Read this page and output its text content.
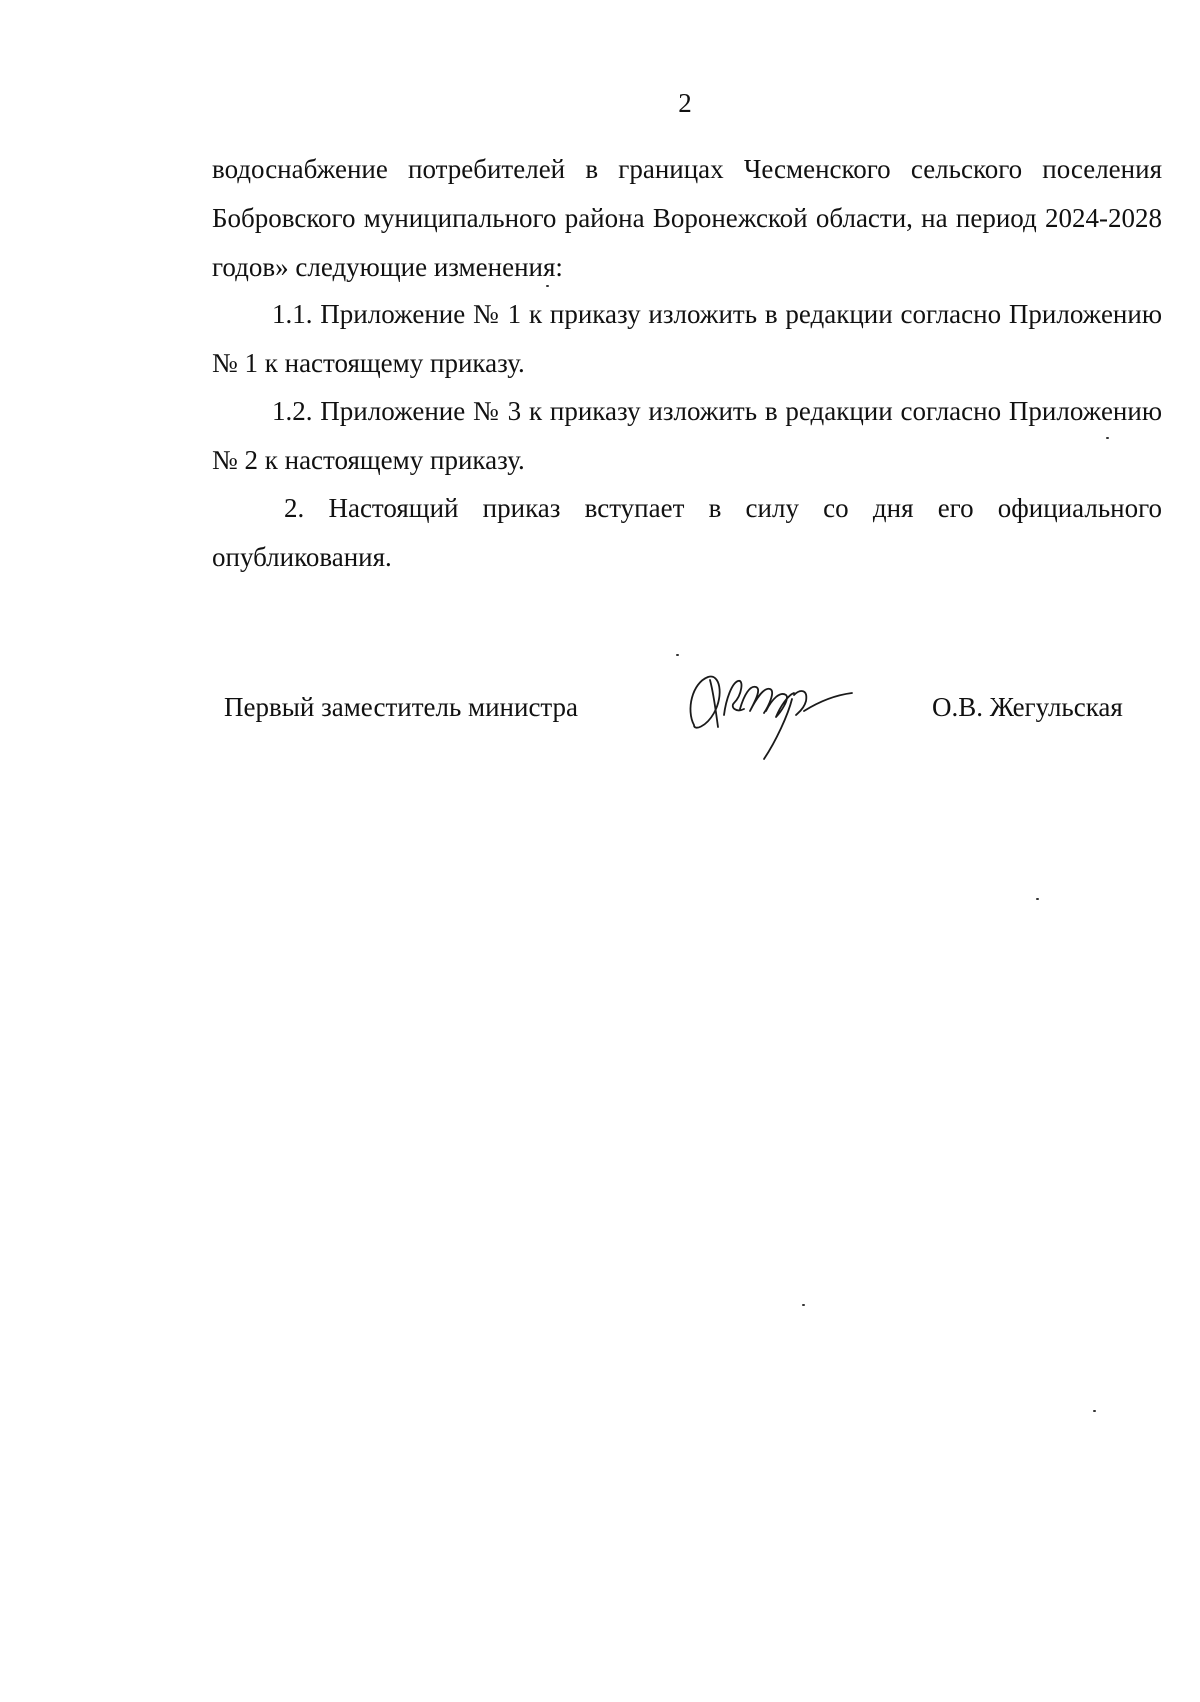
2

водоснабжение потребителей в границах Чесменского сельского поселения Бобровского муниципального района Воронежской области, на период 2024-2028 годов» следующие изменения:

1.1. Приложение № 1 к приказу изложить в редакции согласно Приложению № 1 к настоящему приказу.

1.2. Приложение № 3 к приказу изложить в редакции согласно Приложению № 2 к настоящему приказу.

2. Настоящий приказ вступает в силу со дня его официального опубликования.

Первый заместитель министра	О.В. Жегульская
